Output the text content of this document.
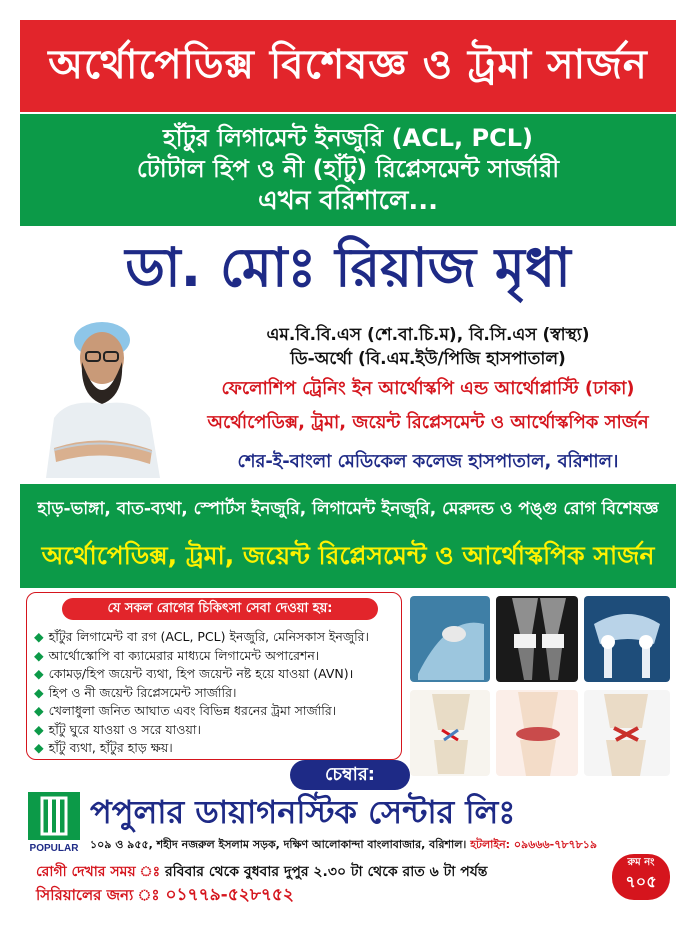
অর্থোপেডিক্স বিশেষজ্ঞ ও ট্রমা সার্জন
হাঁটুর লিগামেন্ট ইনজুরি (ACL, PCL)
টোটাল হিপ ও নী (হাঁটু) রিপ্লেসমেন্ট সার্জারী
এখন বরিশালে...
ডা. মোঃ রিয়াজ মৃধা
এম.বি.বি.এস (শে.বা.চি.ম), বি.সি.এস (স্বাস্থ্য)
ডি-অর্থো (বি.এম.ইউ/পিজি হাসপাতাল)
ফেলোশিপ ট্রেনিং ইন আর্থোস্কপি এন্ড আর্থোপ্লাস্টি (ঢাকা)
অর্থোপেডিক্স, ট্রমা, জয়েন্ট রিপ্লেসমেন্ট ও আর্থোস্কপিক সার্জন
শের-ই-বাংলা মেডিকেল কলেজ হাসপাতাল, বরিশাল।
হাড়-ভাঙ্গা, বাত-ব্যথা, স্পোর্টস ইনজুরি, লিগামেন্ট ইনজুরি, মেরুদন্ড ও পঙ্গু রোগ বিশেষজ্ঞ
অর্থোপেডিক্স, ট্রমা, জয়েন্ট রিপ্লেসমেন্ট ও আর্থোস্কপিক সার্জন
যে সকল রোগের চিকিৎসা সেবা দেওয়া হয়:
◆ হাঁটুর লিগামেন্ট বা রগ (ACL, PCL) ইনজুরি, মেনিসকাস ইনজুরি।
◆ আর্থোস্কোপি বা ক্যামেরার মাধ্যমে লিগামেন্ট অপারেশন।
◆ কোমড়/হিপ জয়েন্ট ব্যথা, হিপ জয়েন্ট নষ্ট হয়ে যাওয়া (AVN)।
◆ হিপ ও নী জয়েন্ট রিপ্লেসমেন্ট সার্জারি।
◆ খেলাধুলা জনিত আঘাত এবং বিভিন্ন ধরনের ট্রমা সার্জারি।
◆ হাঁটু ঘুরে যাওয়া ও সরে যাওয়া।
◆ হাঁটু ব্যথা, হাঁটুর হাড় ক্ষয়।
চেম্বার:
POPULAR
পপুলার ডায়াগনস্টিক সেন্টার লিঃ
১০৯ ও ৯৫৫, শহীদ নজরুল ইসলাম সড়ক, দক্ষিণ আলোকান্দা বাংলাবাজার, বরিশাল। হটলাইন: ০৯৬৬৬-৭৮৭৮১৯
রোগী দেখার সময় ঃ রবিবার থেকে বুধবার দুপুর ২.৩০ টা থেকে রাত ৬ টা পর্যন্ত
সিরিয়ালের জন্য ঃ ০১৭৭৯-৫২৮৭৫২
রুম নং
৭০৫
